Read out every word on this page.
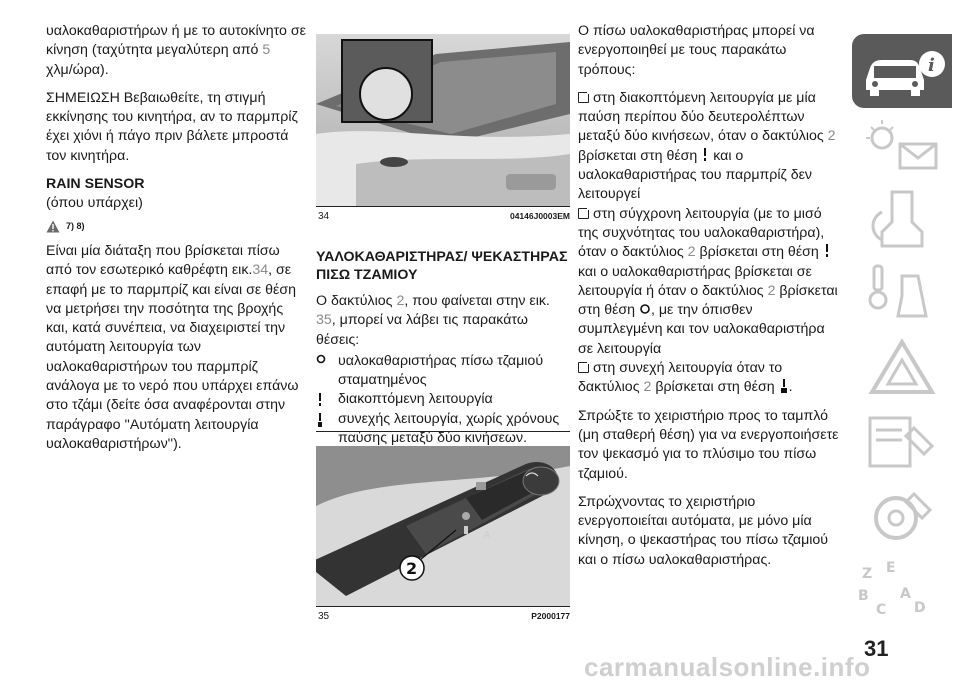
υαλοκαθαριστήρων ή με το αυτοκίνητο σε κίνηση (ταχύτητα μεγαλύτερη από 5
χλμ/ώρα).

ΣΗΜΕΙΩΣΗ Βεβαιωθείτε, τη στιγμή εκκίνησης του κινητήρα, αν το παρμπρίζ έχει χιόνι ή πάγο πριν βάλετε μπροστά τον κινητήρα.

RAIN SENSOR
(όπου υπάρχει)
7) 8)

Είναι μία διάταξη που βρίσκεται πίσω από τον εσωτερικό καθρέφτη εικ.34, σε επαφή με το παρμπρίζ και είναι σε θέση να μετρήσει την ποσότητα της βροχής και, κατά συνέπεια, να διαχειριστεί την αυτόματη λειτουργία των υαλοκαθαριστήρων του παρμπρίζ ανάλογα με το νερό που υπάρχει επάνω στο τζάμι (δείτε όσα αναφέρονται στην παράγραφο ''Αυτόματη λειτουργία υαλοκαθαριστήρων'').

34	04146J0003EM
ΥΑΛΟΚΑΘΑΡΙΣΤΗΡΑΣ/ ΨΕΚΑΣΤΗΡΑΣ ΠΙΣΩ ΤΖΑΜΙΟΥ
Ο δακτύλιος 2, που φαίνεται στην εικ. 35, μπορεί να λάβει τις παρακάτω θέσεις:
υαλοκαθαριστήρας πίσω τζαμιού σταματημένος
διακοπτόμενη λειτουργία
συνεχής λειτουργία, χωρίς χρόνους παύσης μεταξύ δύο κινήσεων.
A
2
35	P2000177

Ο πίσω υαλοκαθαριστήρας μπορεί να ενεργοποιηθεί με τους παρακάτω τρόπους:

στη διακοπτόμενη λειτουργία με μία παύση περίπου δύο δευτερολέπτων μεταξύ δύο κινήσεων, όταν ο δακτύλιος 2 βρίσκεται στη θέση  και ο υαλοκαθαριστήρας του παρμπρίζ δεν λειτουργεί

στη σύγχρονη λειτουργία (με το μισό της συχνότητας του υαλοκαθαριστήρα), όταν ο δακτύλιος 2 βρίσκεται στη θέση  και ο υαλοκαθαριστήρας βρίσκεται σε λειτουργία ή όταν ο δακτύλιος 2 βρίσκεται στη θέση , με την όπισθεν συμπλεγμένη και τον υαλοκαθαριστήρα σε λειτουργία

στη συνεχή λειτουργία όταν το δακτύλιος 2 βρίσκεται στη θέση .

Σπρώξτε το χειριστήριο προς το ταμπλό (μη σταθερή θέση) για να ενεργοποιήσετε τον ψεκασμό για το πλύσιμο του πίσω τζαμιού.

Σπρώχνοντας το χειριστήριο ενεργοποιείται αυτόματα, με μόνο μία κίνηση, ο ψεκαστήρας του πίσω τζαμιού και ο πίσω υαλοκαθαριστήρας.

i
Z E
B A
C D
31
carmanualsonline.info
